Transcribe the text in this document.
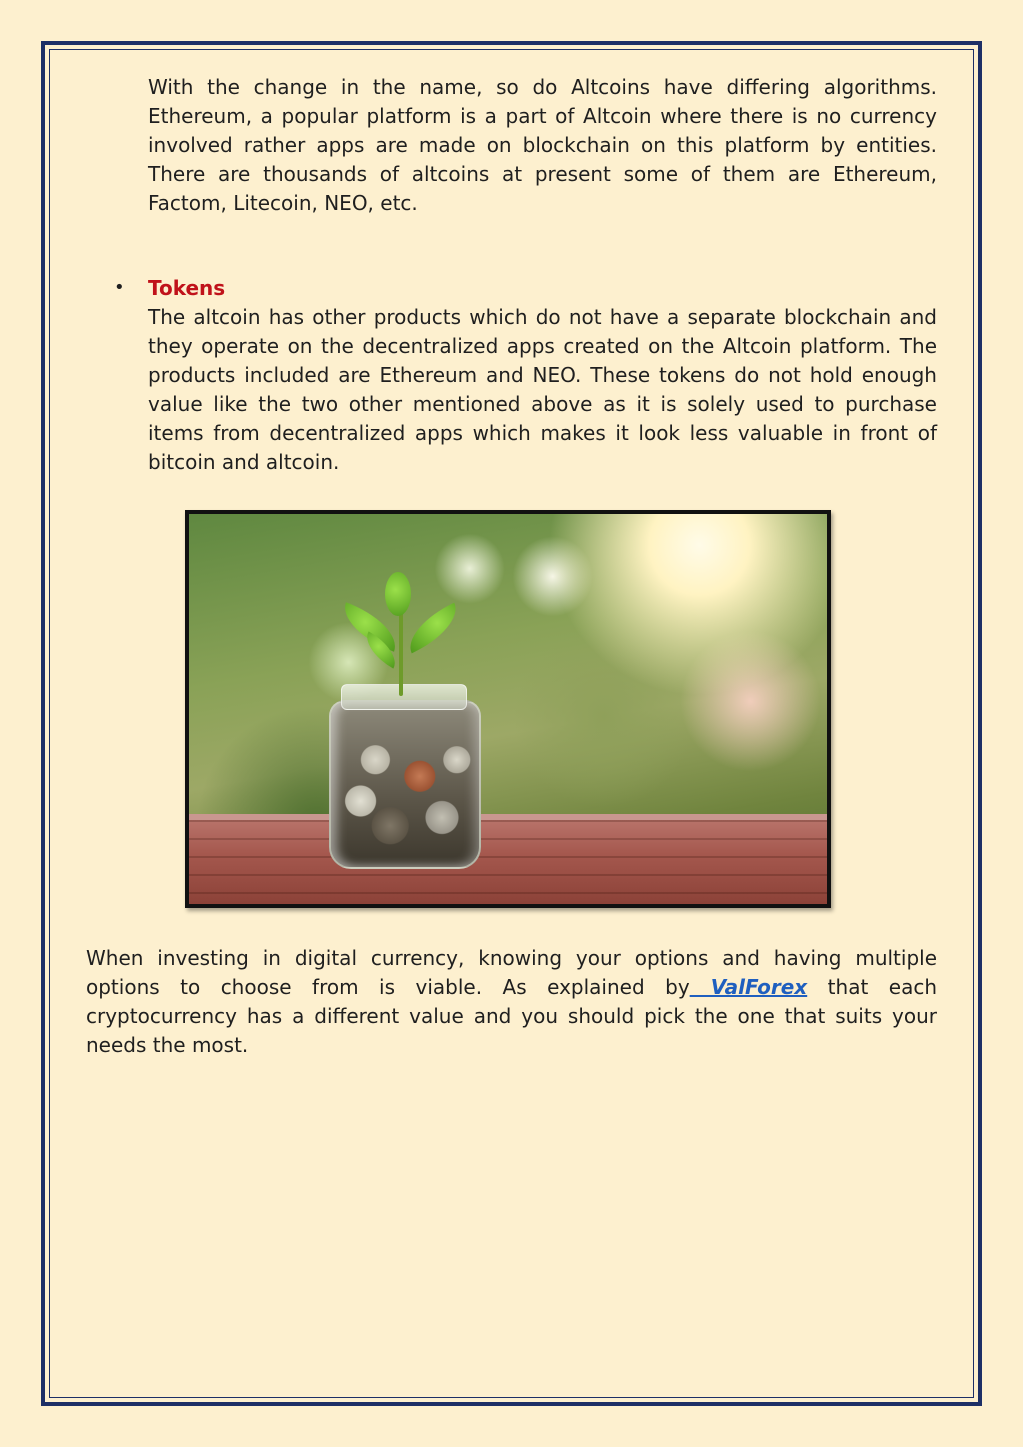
With the change in the name, so do Altcoins have differing algorithms. Ethereum, a popular platform is a part of Altcoin where there is no currency involved rather apps are made on blockchain on this platform by entities. There are thousands of altcoins at present some of them are Ethereum, Factom, Litecoin, NEO, etc.

• Tokens

The altcoin has other products which do not have a separate blockchain and they operate on the decentralized apps created on the Altcoin platform. The products included are Ethereum and NEO. These tokens do not hold enough value like the two other mentioned above as it is solely used to purchase items from decentralized apps which makes it look less valuable in front of bitcoin and altcoin.

When investing in digital currency, knowing your options and having multiple options to choose from is viable. As explained by ValForex that each cryptocurrency has a different value and you should pick the one that suits your needs the most.
